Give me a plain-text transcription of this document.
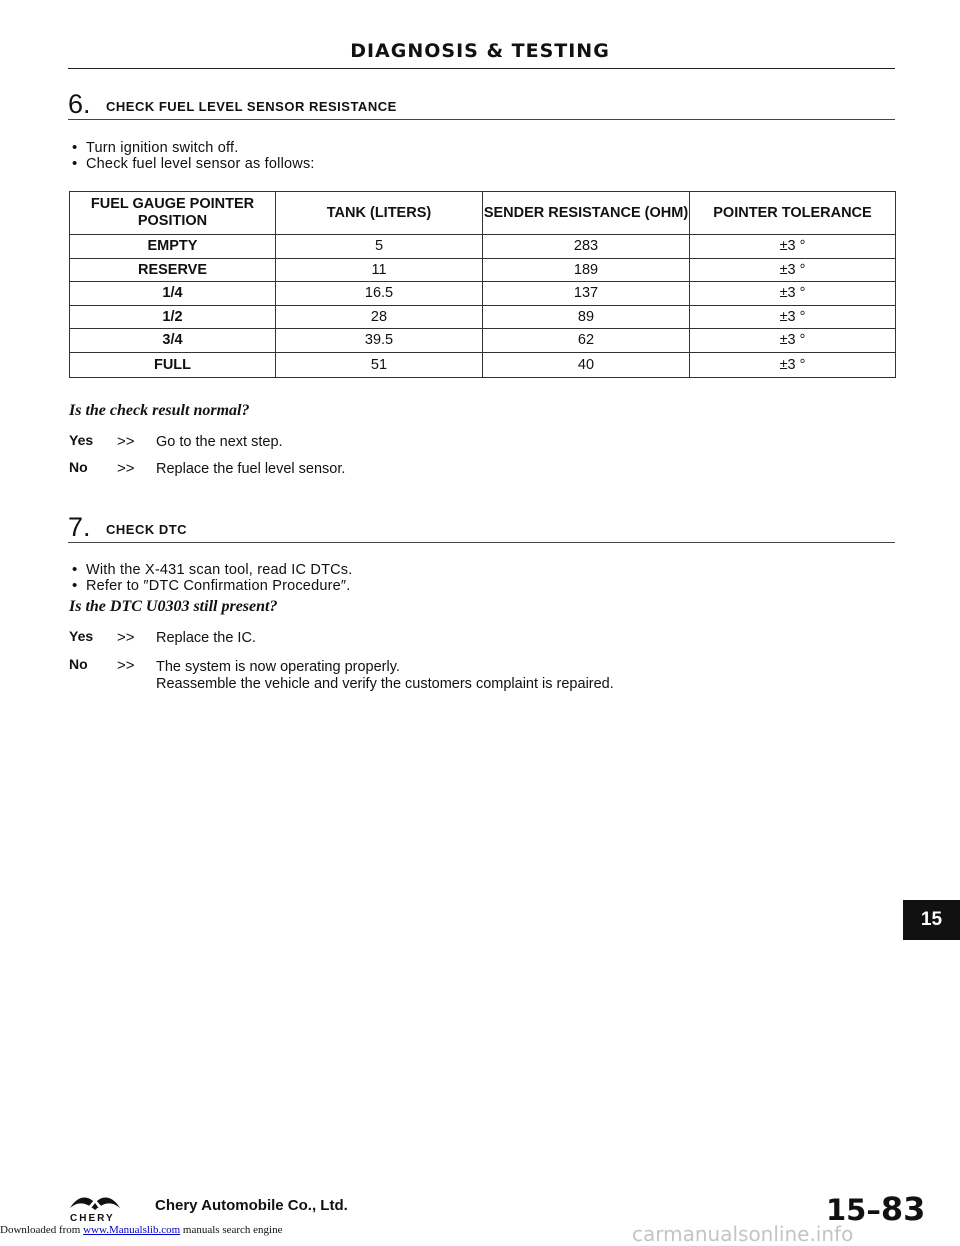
DIAGNOSIS & TESTING
6. CHECK FUEL LEVEL SENSOR RESISTANCE
• Turn ignition switch off.
• Check fuel level sensor as follows:
FUEL GAUGE POINTER POSITION	TANK (LITERS)	SENDER RESISTANCE (OHM)	POINTER TOLERANCE
EMPTY	5	283	±3 °
RESERVE	11	189	±3 °
1/4	16.5	137	±3 °
1/2	28	89	±3 °
3/4	39.5	62	±3 °
FULL	51	40	±3 °
Is the check result normal?
Yes >> Go to the next step.
No >> Replace the fuel level sensor.
7. CHECK DTC
• With the X-431 scan tool, read IC DTCs.
• Refer to ″DTC Confirmation Procedure″.
Is the DTC U0303 still present?
Yes >> Replace the IC.
No >> The system is now operating properly.
Reassemble the vehicle and verify the customers complaint is repaired.
15
CHERY
Chery Automobile Co., Ltd.	15–83
Downloaded from www.Manualslib.com manuals search engine	carmanualsonline.info
